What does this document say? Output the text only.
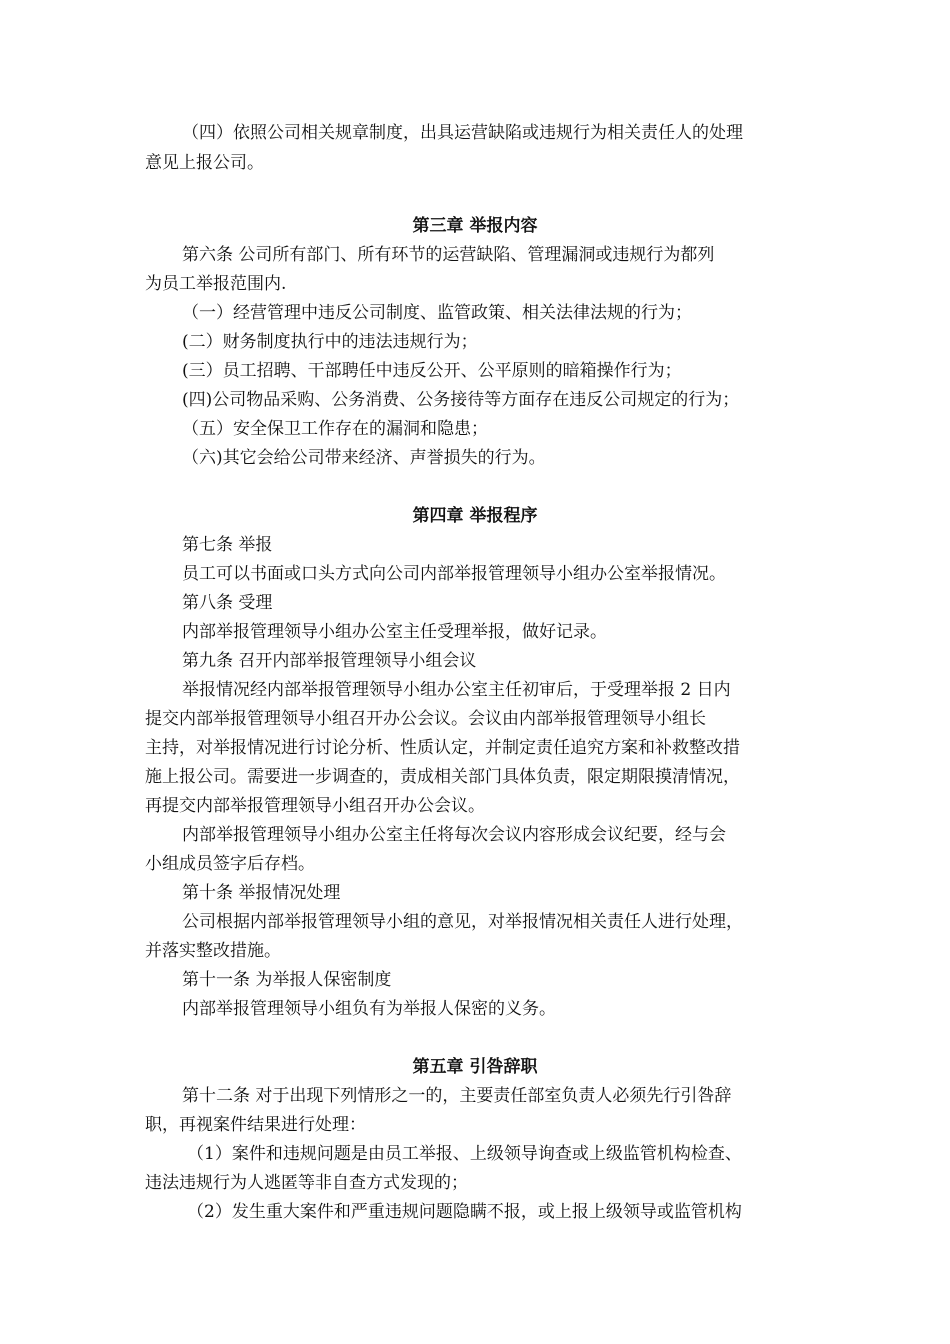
（四）依照公司相关规章制度，出具运营缺陷或违规行为相关责任人的处理
意见上报公司。
第三章 举报内容
第六条 公司所有部门、所有环节的运营缺陷、管理漏洞或违规行为都列
为员工举报范围内.
（一）经营管理中违反公司制度、监管政策、相关法律法规的行为；
(二）财务制度执行中的违法违规行为；
(三）员工招聘、干部聘任中违反公开、公平原则的暗箱操作行为；
(四)公司物品采购、公务消费、公务接待等方面存在违反公司规定的行为；
（五）安全保卫工作存在的漏洞和隐患；
（六)其它会给公司带来经济、声誉损失的行为。
第四章 举报程序
第七条 举报
员工可以书面或口头方式向公司内部举报管理领导小组办公室举报情况。
第八条 受理
内部举报管理领导小组办公室主任受理举报，做好记录。
第九条 召开内部举报管理领导小组会议
举报情况经内部举报管理领导小组办公室主任初审后，于受理举报 2 日内
提交内部举报管理领导小组召开办公会议。会议由内部举报管理领导小组长
主持，对举报情况进行讨论分析、性质认定，并制定责任追究方案和补救整改措
施上报公司。需要进一步调查的，责成相关部门具体负责，限定期限摸清情况，
再提交内部举报管理领导小组召开办公会议。
内部举报管理领导小组办公室主任将每次会议内容形成会议纪要，经与会
小组成员签字后存档。
第十条 举报情况处理
公司根据内部举报管理领导小组的意见，对举报情况相关责任人进行处理，
并落实整改措施。
第十一条 为举报人保密制度
内部举报管理领导小组负有为举报人保密的义务。
第五章 引咎辞职
第十二条 对于出现下列情形之一的，主要责任部室负责人必须先行引咎辞
职，再视案件结果进行处理：
（1）案件和违规问题是由员工举报、上级领导询查或上级监管机构检查、
违法违规行为人逃匿等非自查方式发现的；
（2）发生重大案件和严重违规问题隐瞒不报，或上报上级领导或监管机构
